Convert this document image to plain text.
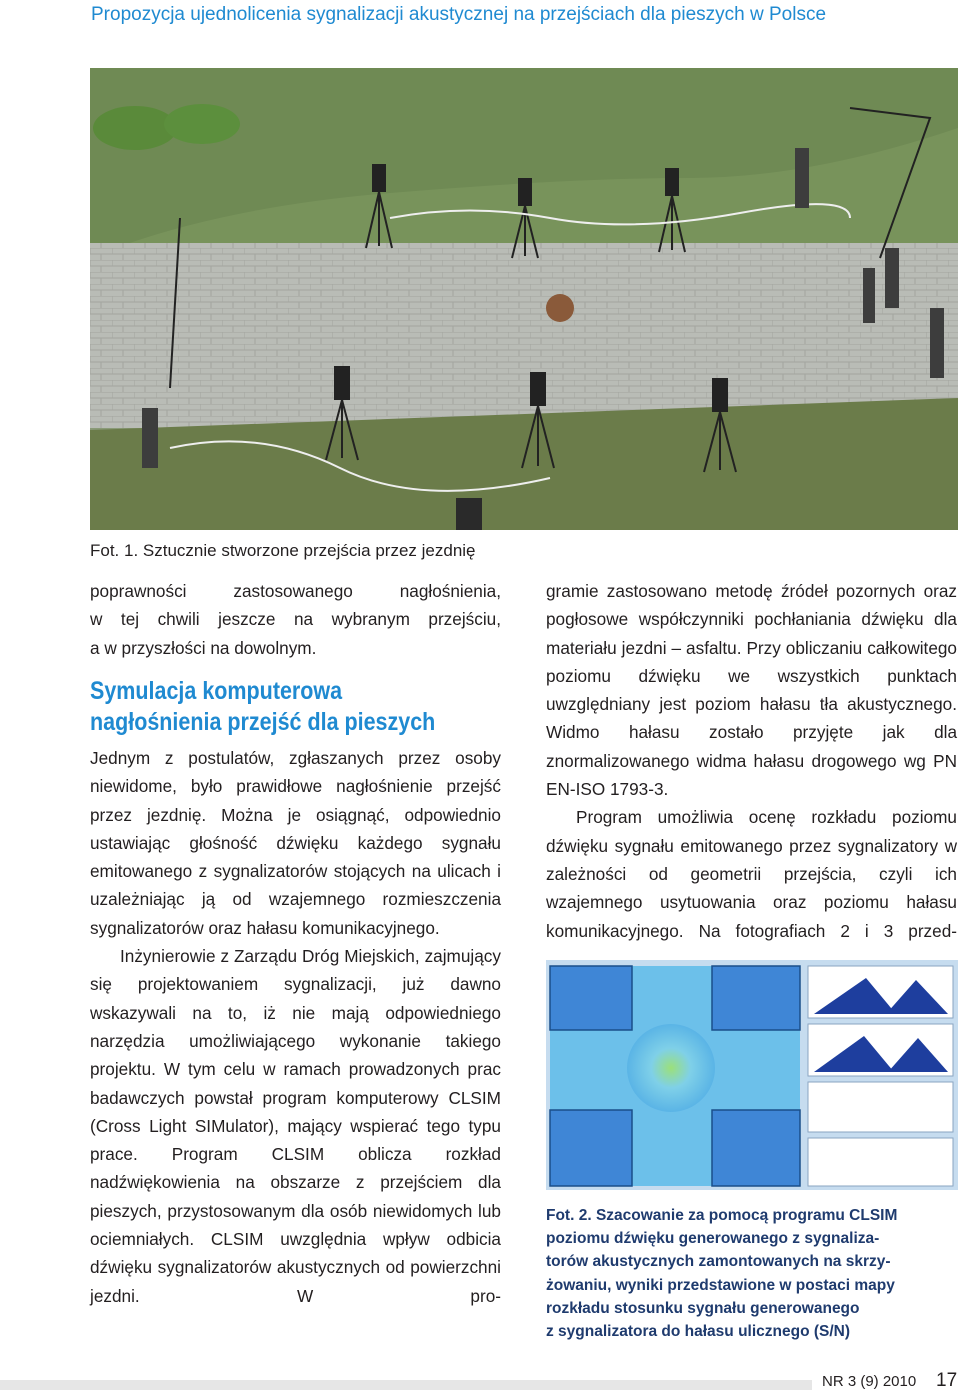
Propozycja ujednolicenia sygnalizacji akustycznej na przejściach dla pieszych w Polsce
Fot. 1. Sztucznie stworzone przejścia przez jezdnię

poprawności zastosowanego nagłośnienia,

w tej chwili jeszcze na wybranym przejściu,

a w przyszłości na dowolnym.

Symulacja komputerowa
nagłośnienia przejść dla pieszych

Jednym z postulatów, zgłaszanych przez osoby niewidome, było prawidłowe nagłośnienie przejść przez jezdnię. Można je osiągnąć, odpowiednio ustawiając głośność dźwięku każdego sygnału emitowanego z sygnalizatorów stojących na ulicach i uzależniając ją od wzajemnego rozmieszczenia sygnalizatorów oraz hałasu komunikacyjnego.

Inżynierowie z Zarządu Dróg Miejskich, zajmujący się projektowaniem sygnalizacji, już dawno wskazywali na to, iż nie mają odpowiedniego narzędzia umożliwiającego wykonanie takiego projektu. W tym celu w ramach prowadzonych prac badawczych powstał program komputerowy CLSIM (Cross Light SIMulator), mający wspierać tego typu prace. Program CLSIM oblicza rozkład nadźwiękowienia na obszarze z przejściem dla pieszych, przystosowanym dla osób niewidomych lub ociemniałych. CLSIM uwzględnia wpływ odbicia dźwięku sygnalizatorów akustycznych od powierzchni jezdni. W pro-

gramie zastosowano metodę źródeł pozornych oraz pogłosowe współczynniki pochłaniania dźwięku dla materiału jezdni – asfaltu. Przy obliczaniu całkowitego poziomu dźwięku we wszystkich punktach uwzględniany jest poziom hałasu tła akustycznego. Widmo hałasu zostało przyjęte jak dla znormalizowanego widma hałasu drogowego wg PN EN-ISO 1793-3.

Program umożliwia ocenę rozkładu poziomu dźwięku sygnału emitowanego przez sygnalizatory w zależności od geometrii przejścia, czyli ich wzajemnego usytuowania oraz poziomu hałasu komunikacyjnego. Na fotografiach 2 i 3 przed-

Fot. 2. Szacowanie za pomocą programu CLSIM

poziomu dźwięku generowanego z sygnaliza-

torów akustycznych zamontowanych na skrzy-

żowaniu, wyniki przedstawione w postaci mapy

rozkładu stosunku sygnału generowanego

z sygnalizatora do hałasu ulicznego (S/N)

NR 3 (9) 2010 17
